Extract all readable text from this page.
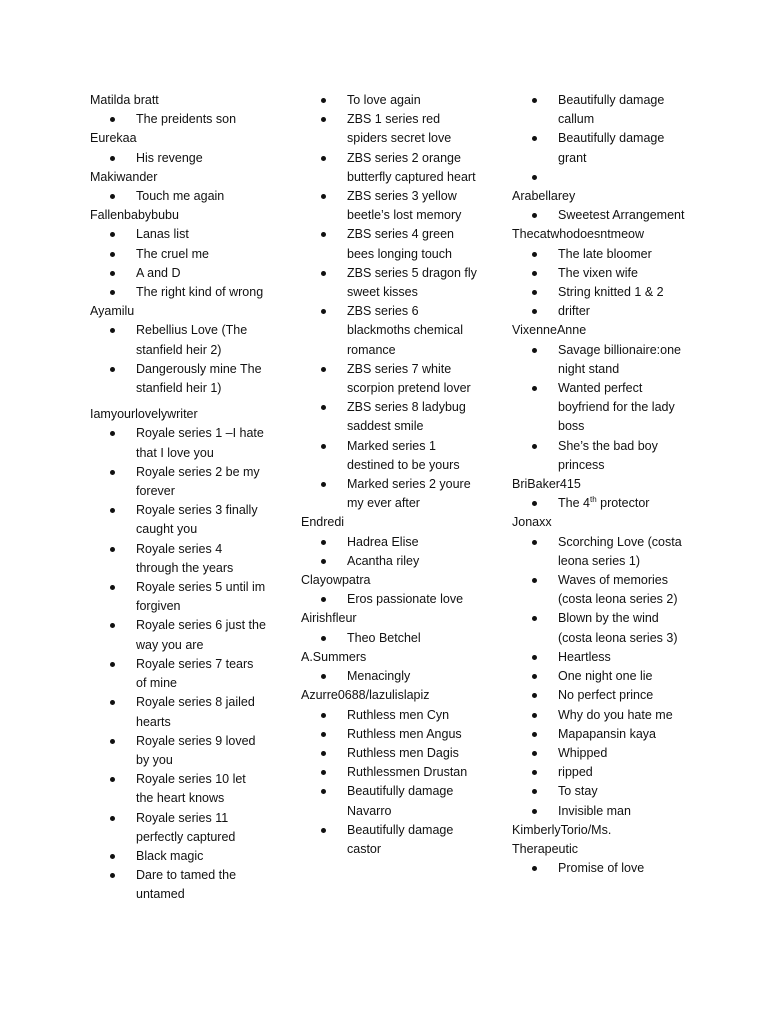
Matilda bratt
The preidents son
Eurekaa
His revenge
Makiwander
Touch me again
Fallenbabybubu
Lanas list
The cruel me
A and D
The right kind of wrong
Ayamilu
Rebellius Love (The stanfield heir 2)
Dangerously mine The stanfield heir 1)
Iamyourlovelywriter
Royale series 1 –I hate that I love you
Royale series 2 be my forever
Royale series 3 finally caught you
Royale series 4 through the years
Royale series 5 until im forgiven
Royale series 6 just the way you are
Royale series 7 tears of mine
Royale series 8 jailed hearts
Royale series 9 loved by you
Royale series 10 let the heart knows
Royale series 11 perfectly captured
Black magic
Dare to tamed the untamed
To love again
ZBS 1 series red spiders secret love
ZBS series 2 orange butterfly captured heart
ZBS series 3 yellow beetle’s lost memory
ZBS series 4 green bees longing touch
ZBS series 5 dragon fly sweet kisses
ZBS series 6 blackmoths chemical romance
ZBS series 7 white scorpion pretend lover
ZBS series 8 ladybug saddest smile
Marked series 1 destined to be yours
Marked series 2 youre my ever after
Endredi
Hadrea Elise
Acantha riley
Clayowpatra
Eros passionate love
Airishfleur
Theo Betchel
A.Summers
Menacingly
Azurre0688/lazulislapiz
Ruthless men Cyn
Ruthless men Angus
Ruthless men Dagis
Ruthlessmen Drustan
Beautifully damage Navarro
Beautifully damage castor
Beautifully damage callum
Beautifully damage grant

Arabellarey
Sweetest Arrangement
Thecatwhodoesntmeow
The late bloomer
The vixen wife
String knitted 1 & 2
drifter
VixenneAnne
Savage billionaire:one night stand
Wanted perfect boyfriend for the lady boss
She’s the bad boy princess
BriBaker415
The 4th protector
Jonaxx
Scorching Love (costa leona series 1)
Waves of memories (costa leona series 2)
Blown by the wind (costa leona series 3)
Heartless
One night one lie
No perfect prince
Why do you hate me
Mapapansin kaya
Whipped
ripped
To stay
Invisible man
KimberlyTorio/Ms. Therapeutic
Promise of love
